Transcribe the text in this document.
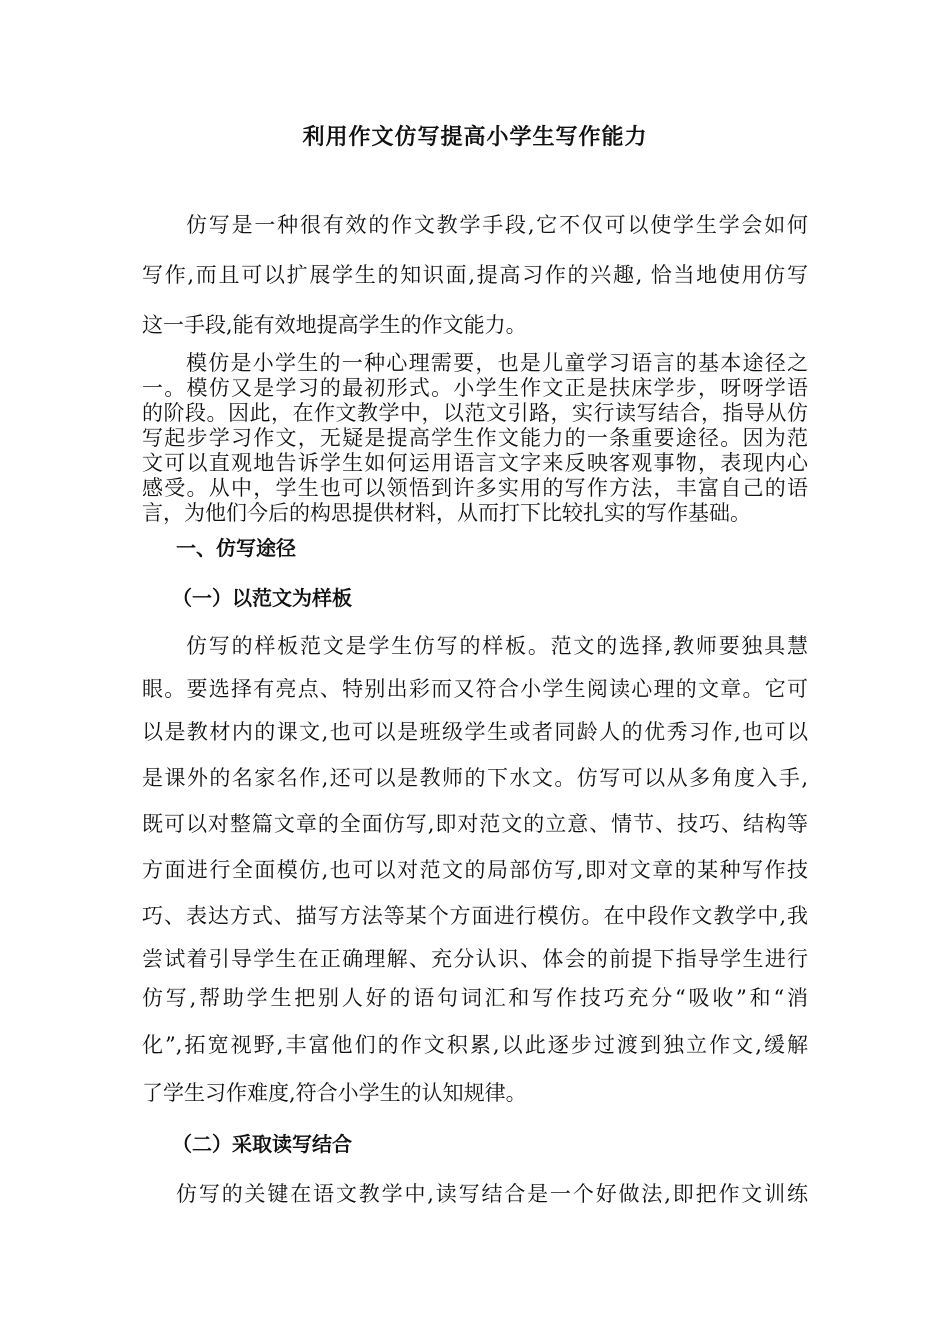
利用作文仿写提高小学生写作能力
仿写是一种很有效的作文教学手段,它不仅可以使学生学会如何
写作,而且可以扩展学生的知识面,提高习作的兴趣, 恰当地使用仿写
这一手段,能有效地提高学生的作文能力。
模仿是小学生的一种心理需要，也是儿童学习语言的基本途径之
一。模仿又是学习的最初形式。小学生作文正是扶床学步，呀呀学语
的阶段。因此，在作文教学中，以范文引路，实行读写结合，指导从仿
写起步学习作文，无疑是提高学生作文能力的一条重要途径。因为范
文可以直观地告诉学生如何运用语言文字来反映客观事物，表现内心
感受。从中，学生也可以领悟到许多实用的写作方法，丰富自己的语
言，为他们今后的构思提供材料，从而打下比较扎实的写作基础。
一、仿写途径
（一）以范文为样板
仿写的样板范文是学生仿写的样板。范文的选择,教师要独具慧
眼。要选择有亮点、特别出彩而又符合小学生阅读心理的文章。它可
以是教材内的课文,也可以是班级学生或者同龄人的优秀习作,也可以
是课外的名家名作,还可以是教师的下水文。仿写可以从多角度入手,
既可以对整篇文章的全面仿写,即对范文的立意、情节、技巧、结构等
方面进行全面模仿,也可以对范文的局部仿写,即对文章的某种写作技
巧、表达方式、描写方法等某个方面进行模仿。在中段作文教学中,我
尝试着引导学生在正确理解、充分认识、体会的前提下指导学生进行
仿写,帮助学生把别人好的语句词汇和写作技巧充分“吸收”和“消
化”,拓宽视野,丰富他们的作文积累,以此逐步过渡到独立作文,缓解
了学生习作难度,符合小学生的认知规律。
（二）采取读写结合
仿写的关键在语文教学中,读写结合是一个好做法,即把作文训练
